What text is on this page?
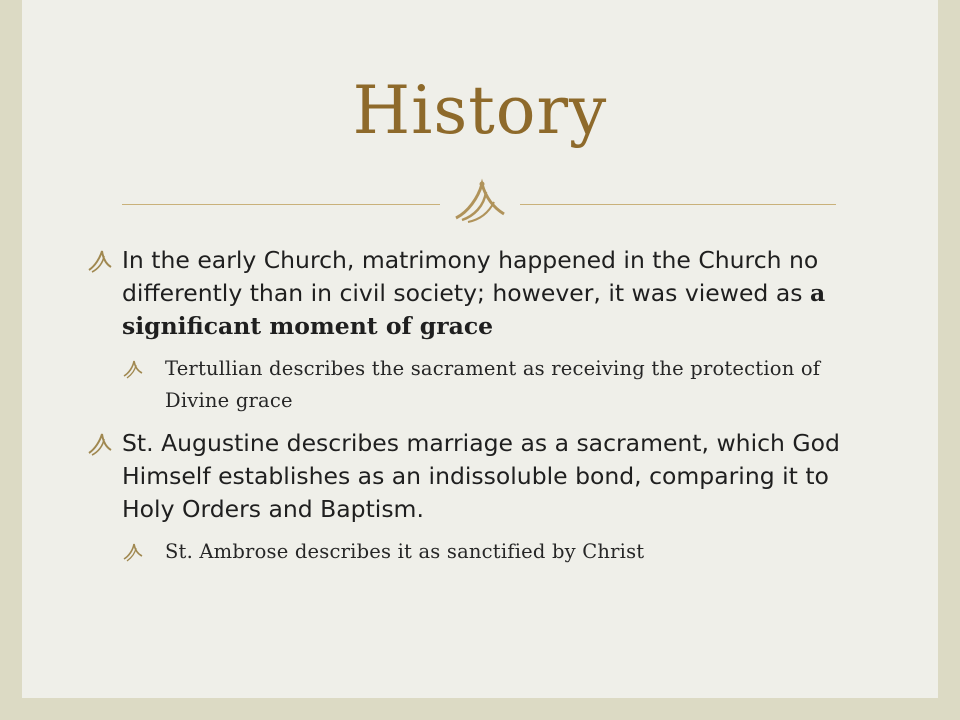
History
In the early Church, matrimony happened in the Church no differently than in civil society; however, it was viewed as a significant moment of grace
Tertullian describes the sacrament as receiving the protection of Divine grace
St. Augustine describes marriage as a sacrament, which God Himself establishes as an indissoluble bond, comparing it to Holy Orders and Baptism.
St. Ambrose describes it as sanctified by Christ
